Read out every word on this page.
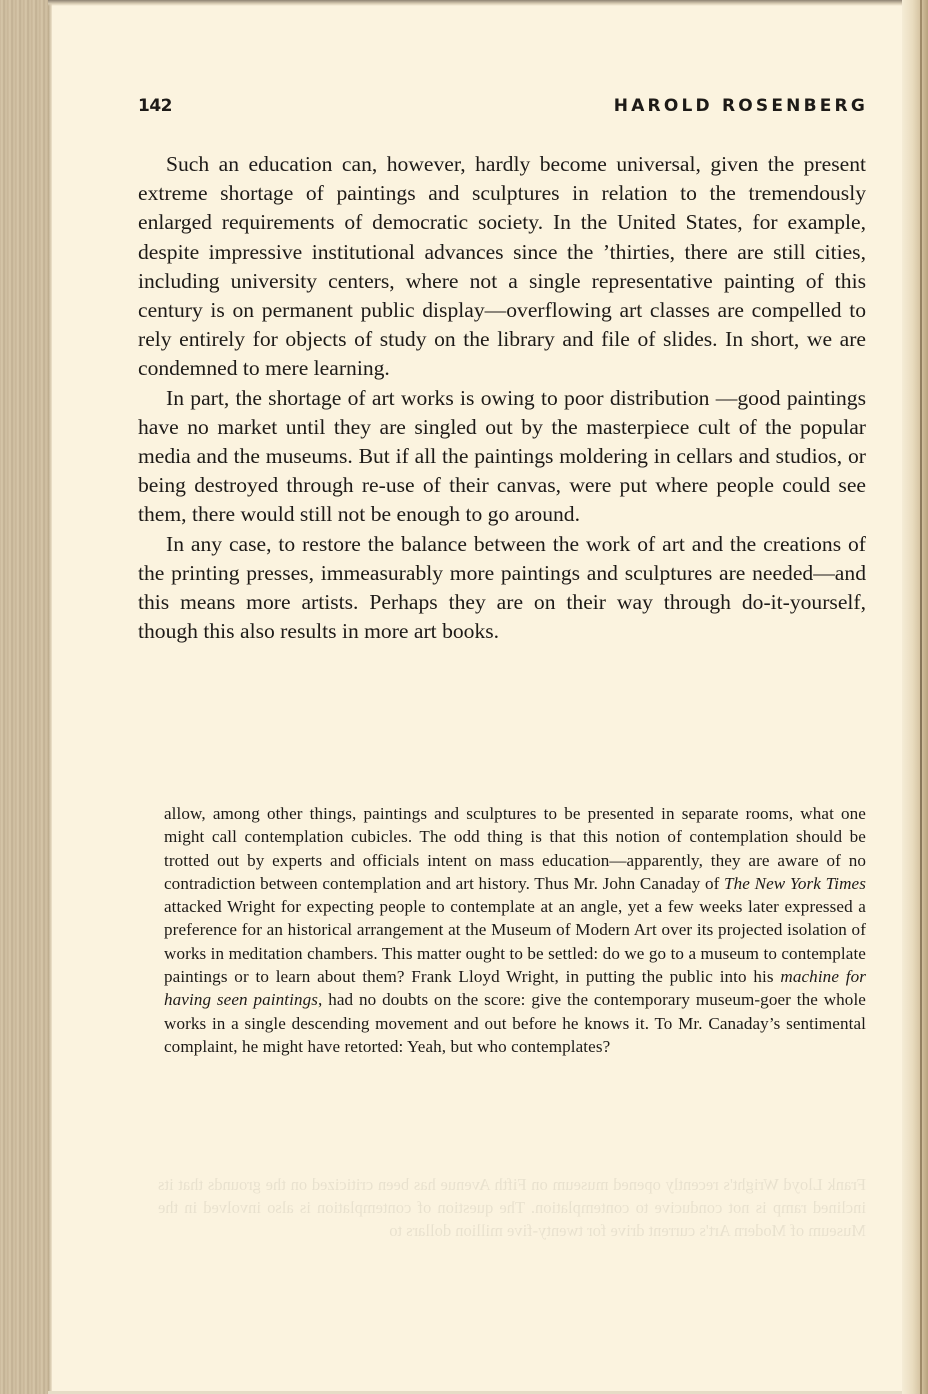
142	HAROLD ROSENBERG

Such an education can, however, hardly become universal, given the present extreme shortage of paintings and sculptures in relation to the tremendously enlarged requirements of democratic society. In the United States, for example, despite impressive institutional advances since the ’thirties, there are still cities, including university centers, where not a single representative painting of this century is on permanent public display—overflowing art classes are compelled to rely entirely for objects of study on the library and file of slides. In short, we are condemned to mere learning.

In part, the shortage of art works is owing to poor distribution —good paintings have no market until they are singled out by the masterpiece cult of the popular media and the museums. But if all the paintings moldering in cellars and studios, or being destroyed through re-use of their canvas, were put where people could see them, there would still not be enough to go around.

In any case, to restore the balance between the work of art and the creations of the printing presses, immeasurably more paintings and sculptures are needed—and this means more artists. Perhaps they are on their way through do-it-yourself, though this also results in more art books.

allow, among other things, paintings and sculptures to be presented in separate rooms, what one might call contemplation cubicles. The odd thing is that this notion of contemplation should be trotted out by experts and officials intent on mass education—apparently, they are aware of no contradiction between contemplation and art history. Thus Mr. John Canaday of The New York Times attacked Wright for expecting people to contemplate at an angle, yet a few weeks later expressed a preference for an historical arrangement at the Museum of Modern Art over its projected isolation of works in meditation chambers. This matter ought to be settled: do we go to a museum to contemplate paintings or to learn about them? Frank Lloyd Wright, in putting the public into his machine for having seen paintings, had no doubts on the score: give the contemporary museum-goer the whole works in a single descending movement and out before he knows it. To Mr. Canaday’s sentimental complaint, he might have retorted: Yeah, but who contemplates?

Frank Lloyd Wright's recently opened museum on Fifth Avenue has been criticized on the grounds that its inclined ramp is not conducive to contemplation. The question of contemplation is also involved in the Museum of Modern Art's current drive for twenty-five million dollars to
